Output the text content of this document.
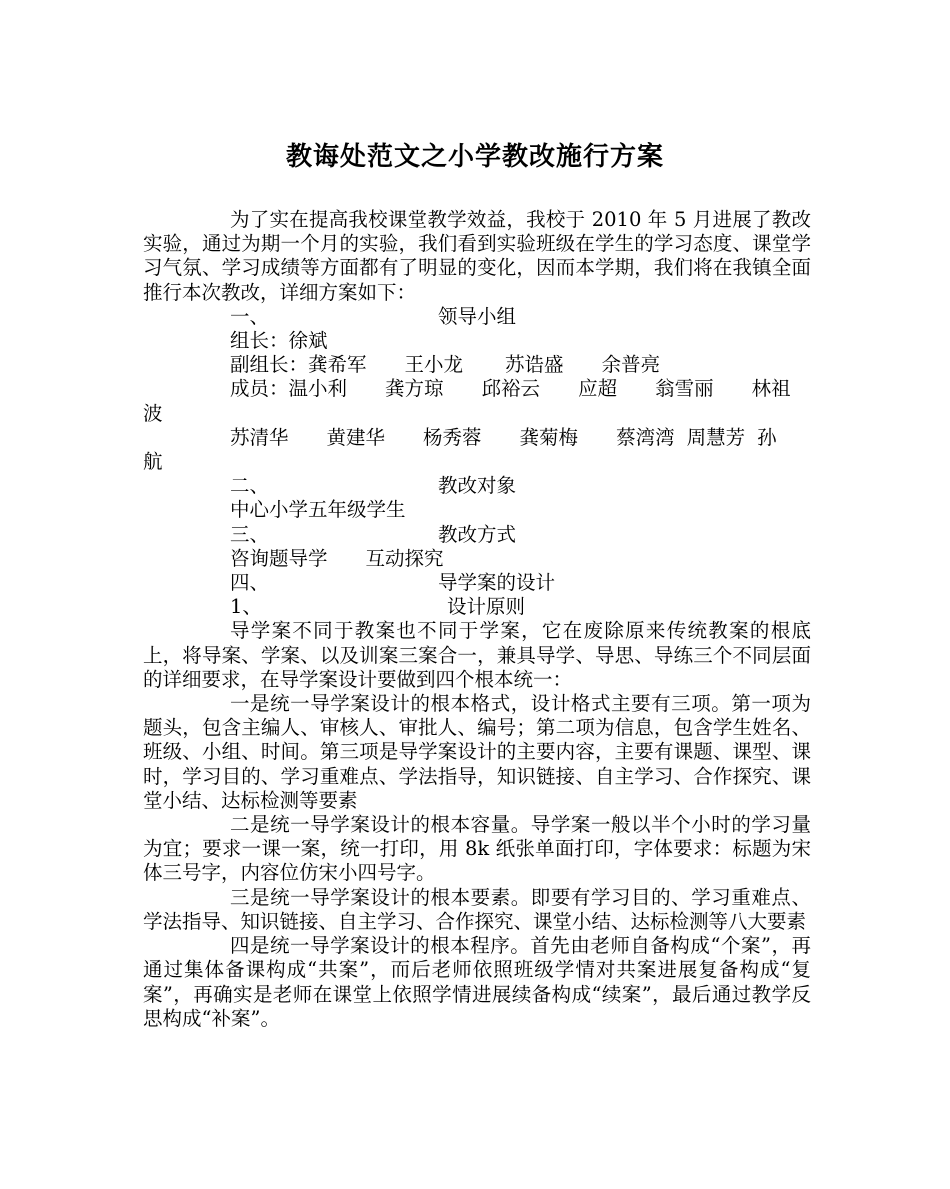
教诲处范文之小学教改施行方案

为了实在提高我校课堂教学效益，我校于 2010 年 5 月进展了教改实验，通过为期一个月的实验，我们看到实验班级在学生的学习态度、课堂学习气氛、学习成绩等方面都有了明显的变化，因而本学期，我们将在我镇全面推行本次教改，详细方案如下：

一、	领导小组
组长：徐斌
副组长： 龚希军 王小龙 苏诰盛 余普亮
成员： 温小利 龚方琼 邱裕云 应超 翁雪丽 林祖
波
苏清华 黄建华 杨秀蓉 龚菊梅 蔡湾湾 周慧芳 孙
航
二、	教改对象
中心小学五年级学生
三、	教改方式
咨询题导学 互动探究
四、	导学案的设计
1、	设计原则

导学案不同于教案也不同于学案，它在废除原来传统教案的根底上，将导案、学案、以及训案三案合一，兼具导学、导思、导练三个不同层面的详细要求，在导学案设计要做到四个根本统一：

一是统一导学案设计的根本格式，设计格式主要有三项。第一项为题头，包含主编人、审核人、审批人、编号；第二项为信息，包含学生姓名、班级、小组、时间。第三项是导学案设计的主要内容，主要有课题、课型、课时，学习目的、学习重难点、学法指导，知识链接、自主学习、合作探究、课堂小结、达标检测等要素

二是统一导学案设计的根本容量。导学案一般以半个小时的学习量为宜；要求一课一案，统一打印，用 8k 纸张单面打印，字体要求：标题为宋体三号字，内容位仿宋小四号字。

三是统一导学案设计的根本要素。即要有学习目的、学习重难点、学法指导、知识链接、自主学习、合作探究、课堂小结、达标检测等八大要素

四是统一导学案设计的根本程序。首先由老师自备构成“个案”，再通过集体备课构成“共案”，而后老师依照班级学情对共案进展复备构成“复案”，再确实是老师在课堂上依照学情进展续备构成“续案”，最后通过教学反思构成“补案”。
